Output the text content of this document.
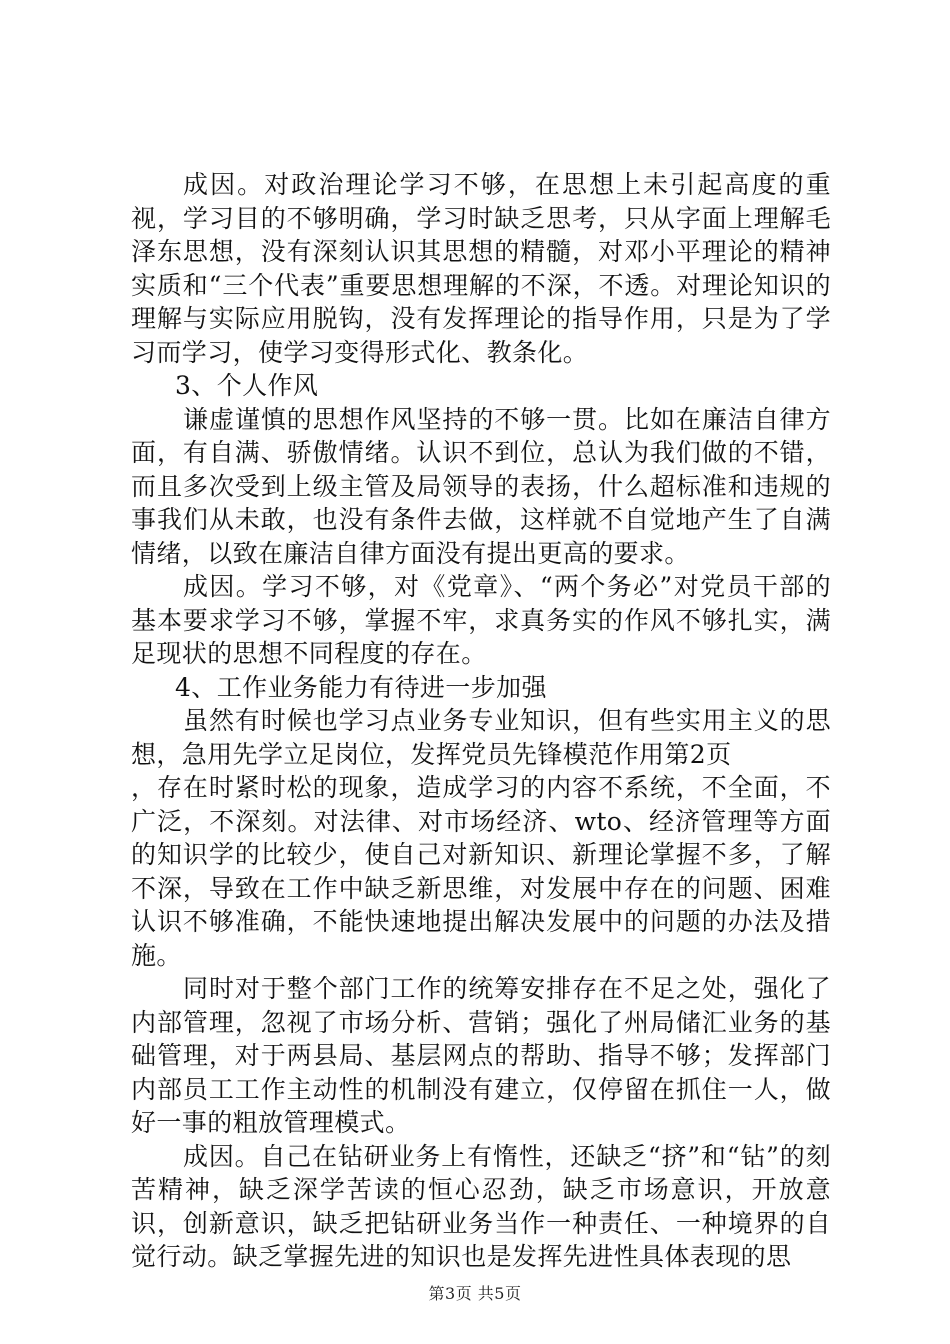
成因。对政治理论学习不够，在思想上未引起高度的重视，学习目的不够明确，学习时缺乏思考，只从字面上理解毛泽东思想，没有深刻认识其思想的精髓，对邓小平理论的精神实质和“三个代表”重要思想理解的不深，不透。对理论知识的理解与实际应用脱钩，没有发挥理论的指导作用，只是为了学习而学习，使学习变得形式化、教条化。

3、个人作风

谦虚谨慎的思想作风坚持的不够一贯。比如在廉洁自律方面，有自满、骄傲情绪。认识不到位，总认为我们做的不错，而且多次受到上级主管及局领导的表扬，什么超标准和违规的事我们从未敢，也没有条件去做，这样就不自觉地产生了自满情绪，以致在廉洁自律方面没有提出更高的要求。

成因。学习不够，对《党章》、“两个务必”对党员干部的基本要求学习不够，掌握不牢，求真务实的作风不够扎实，满足现状的思想不同程度的存在。

4、工作业务能力有待进一步加强

虽然有时候也学习点业务专业知识，但有些实用主义的思想，急用先学立足岗位，发挥党员先锋模范作用第2页

，存在时紧时松的现象，造成学习的内容不系统，不全面，不广泛，不深刻。对法律、对市场经济、wto、经济管理等方面的知识学的比较少，使自己对新知识、新理论掌握不多，了解不深，导致在工作中缺乏新思维，对发展中存在的问题、困难认识不够准确，不能快速地提出解决发展中的问题的办法及措施。

同时对于整个部门工作的统筹安排存在不足之处，强化了内部管理，忽视了市场分析、营销；强化了州局储汇业务的基础管理，对于两县局、基层网点的帮助、指导不够；发挥部门内部员工工作主动性的机制没有建立，仅停留在抓住一人，做好一事的粗放管理模式。

成因。自己在钻研业务上有惰性，还缺乏“挤”和“钻”的刻苦精神，缺乏深学苦读的恒心忍劲，缺乏市场意识，开放意识，创新意识，缺乏把钻研业务当作一种责任、一种境界的自觉行动。缺乏掌握先进的知识也是发挥先进性具体表现的思

第3页 共5页
